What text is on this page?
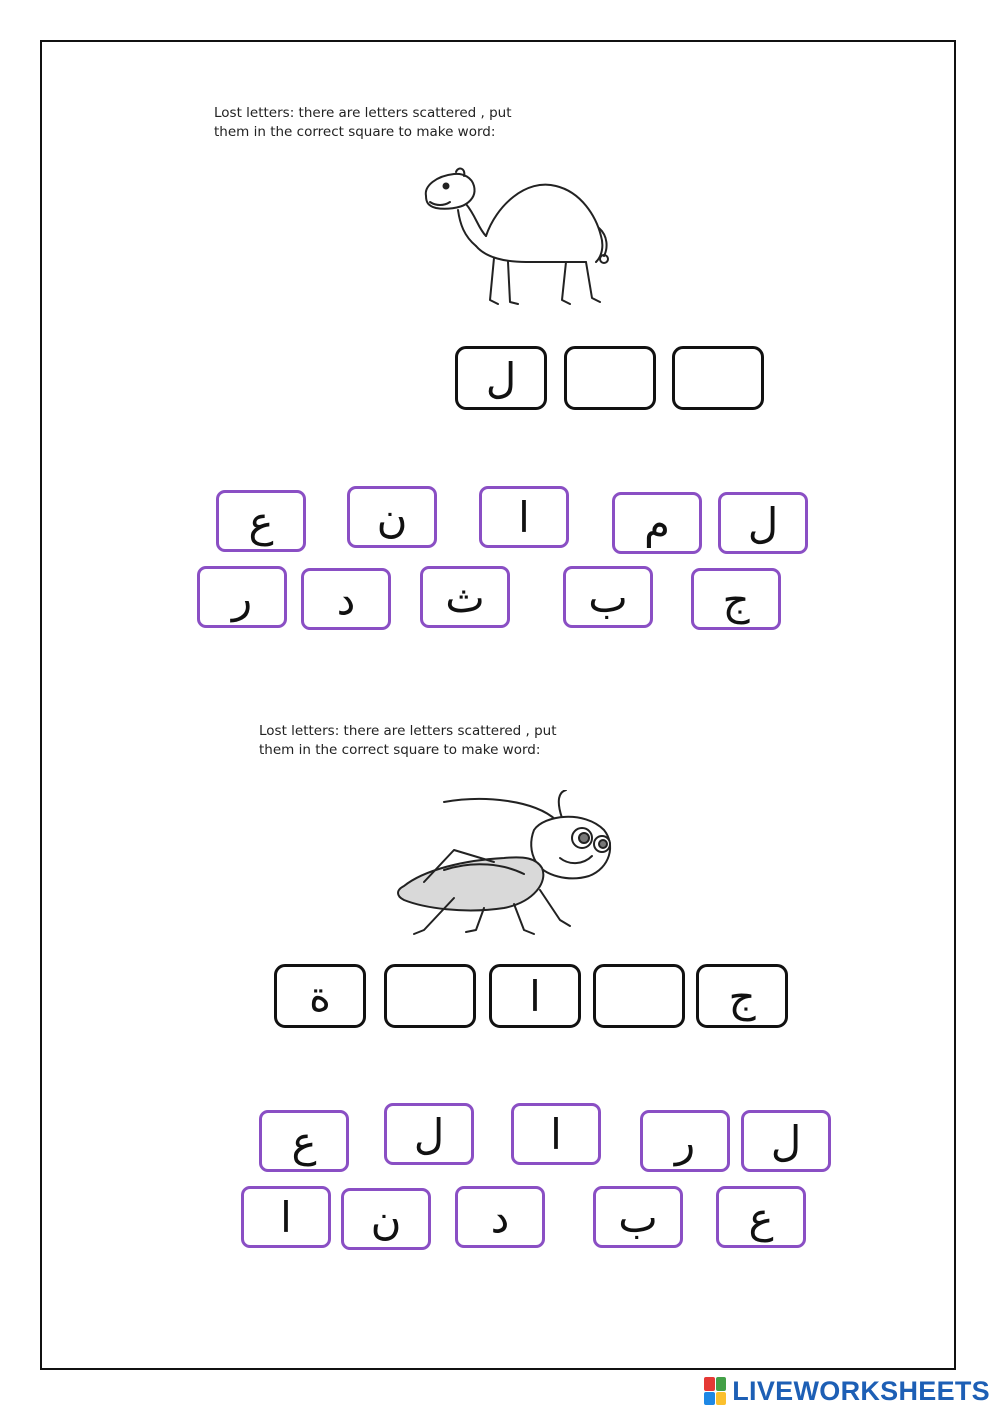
Lost letters: there are letters scattered , put
them in the correct square to make word:

ل
ع	ن	ا	م	ل
ر	د	ث	ب	ج

Lost letters: there are letters scattered , put
them in the correct square to make word:

ة	ا	ج
ع	ل	ا	ر	ل
ا	ن	د	ب	ع
LIVEWORKSHEETS
